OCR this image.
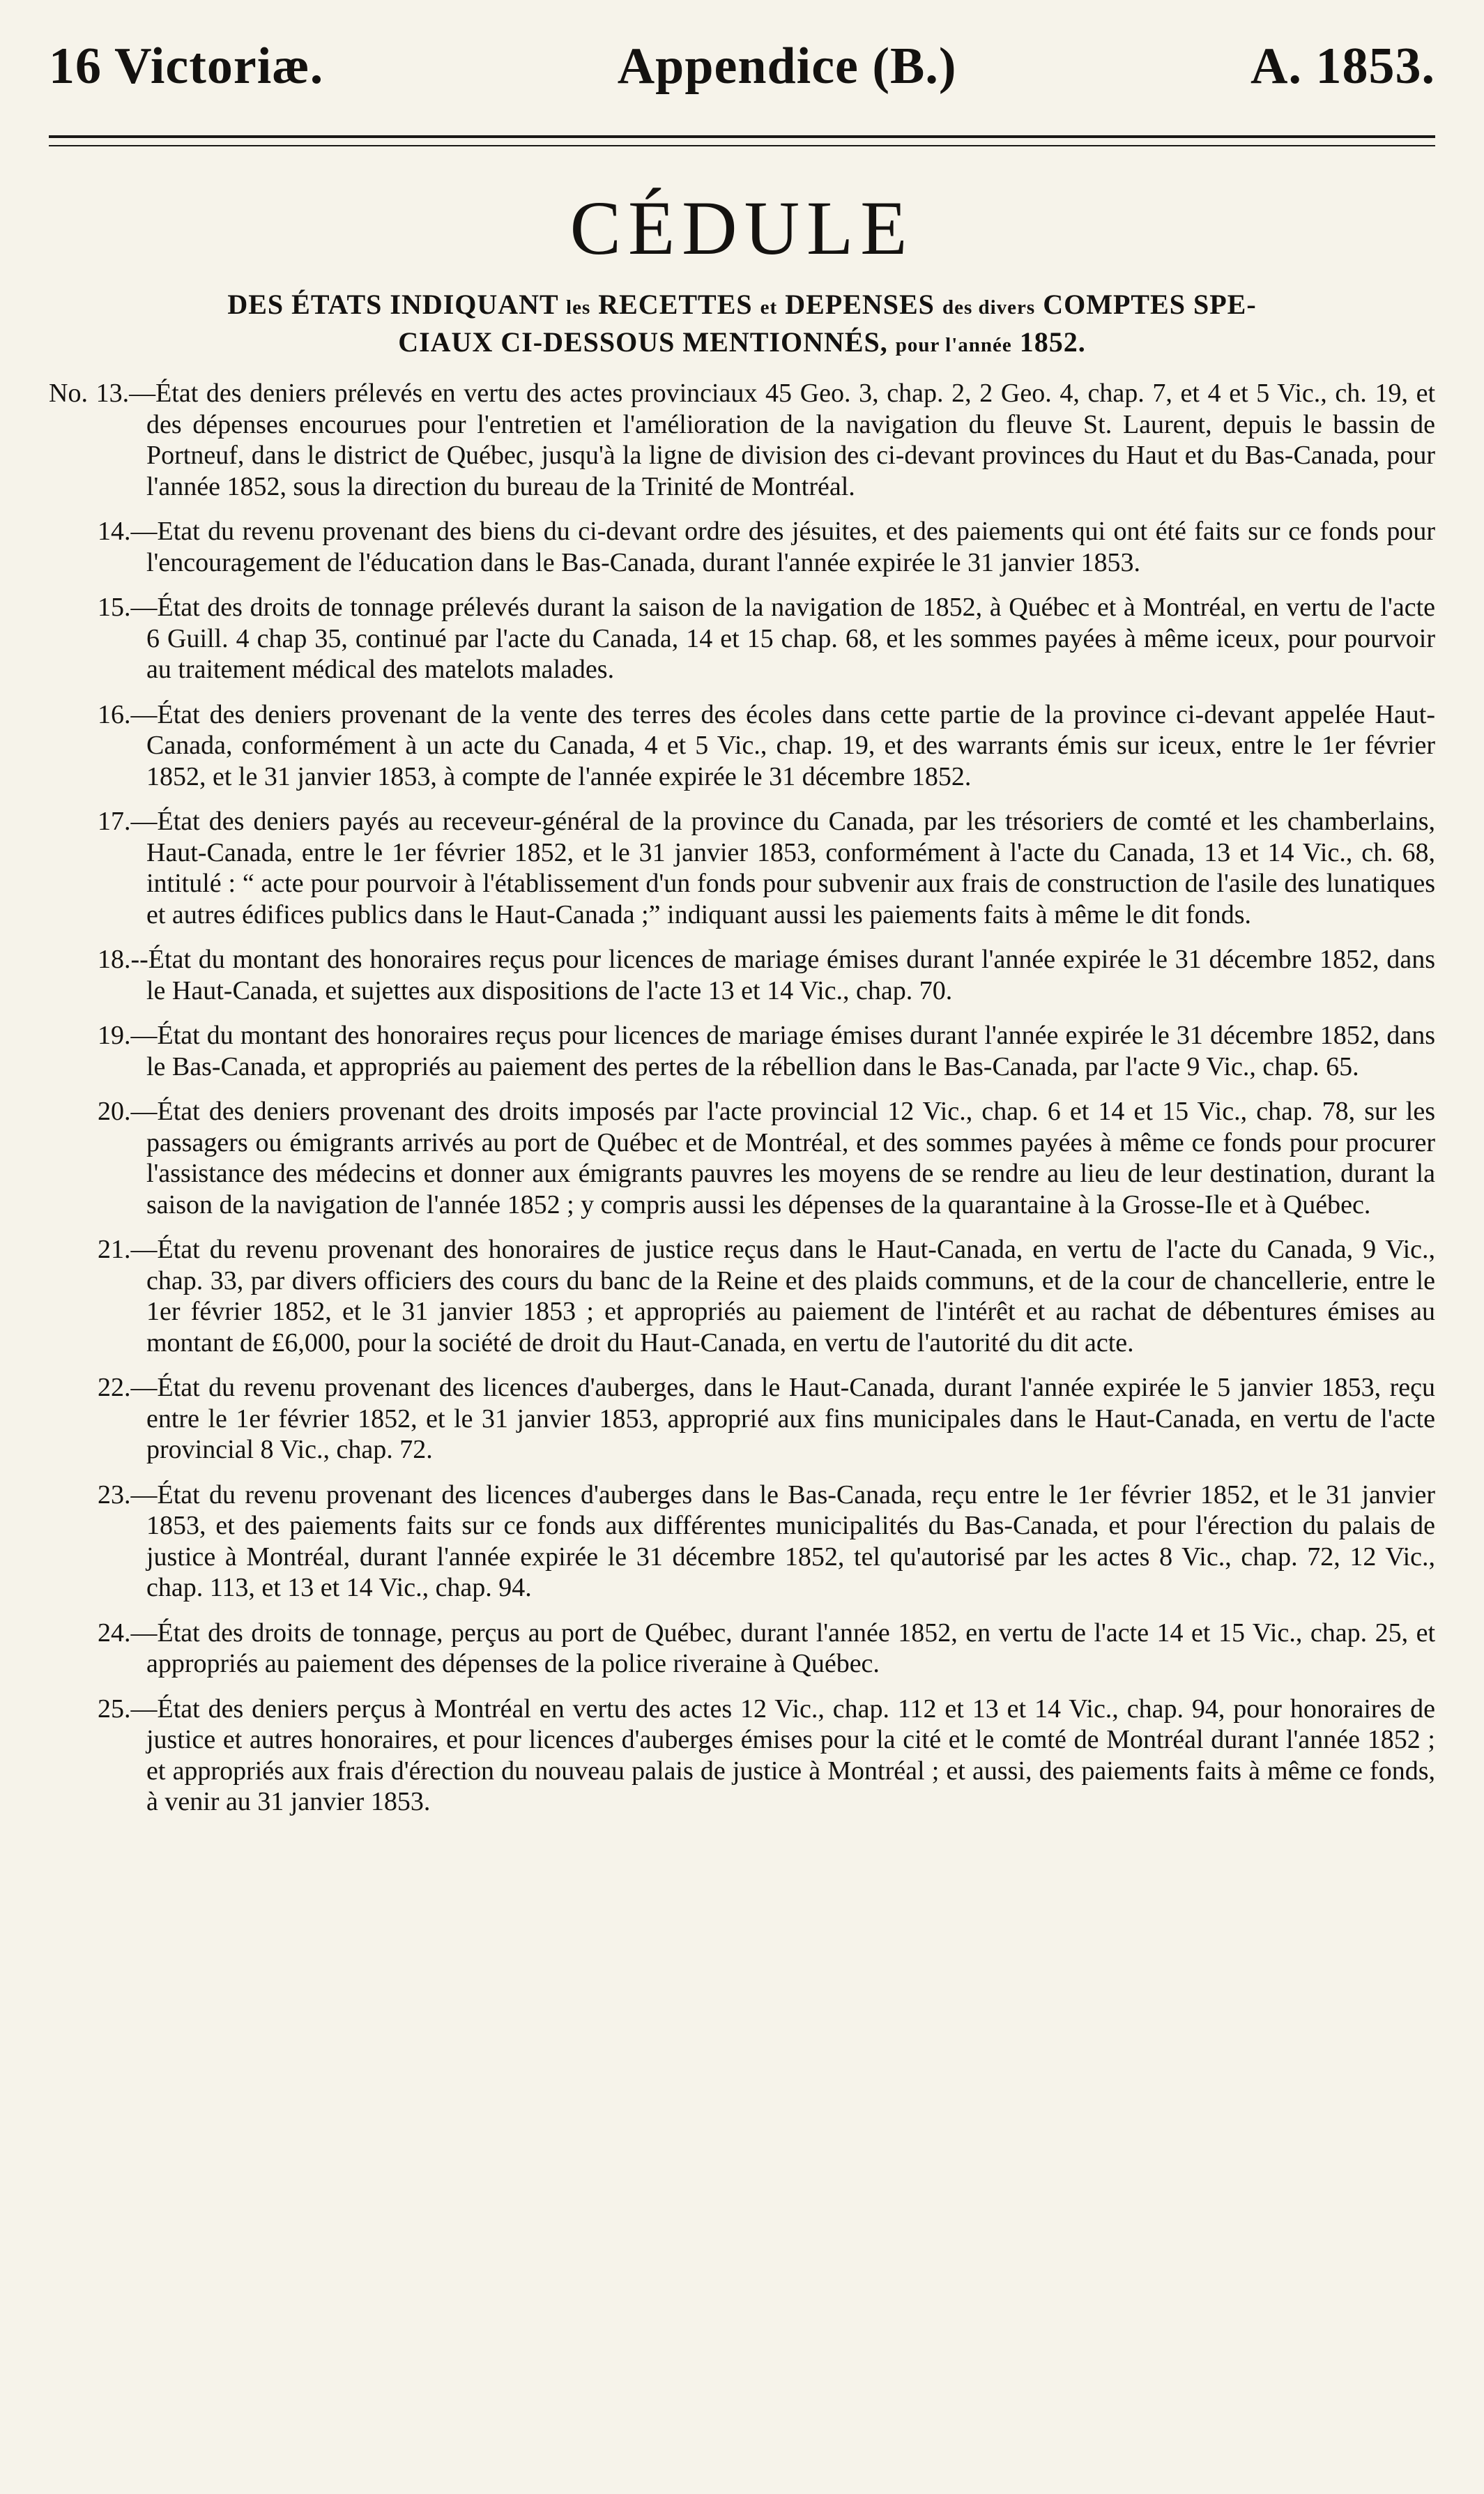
16 Victoriæ.	Appendice (B.)	A. 1853.
CÉDULE
DES ÉTATS INDIQUANT les RECETTES et DEPENSES des divers COMPTES SPE-
CIAUX CI-DESSOUS MENTIONNÉS, pour l'année 1852.

No. 13.—État des deniers prélevés en vertu des actes provinciaux 45 Geo. 3, chap. 2, 2 Geo. 4, chap. 7, et 4 et 5 Vic., ch. 19, et des dépenses encourues pour l'entretien et l'amélioration de la navigation du fleuve St. Laurent, depuis le bassin de Portneuf, dans le district de Québec, jusqu'à la ligne de division des ci-devant provinces du Haut et du Bas-Canada, pour l'année 1852, sous la direction du bureau de la Trinité de Montréal.

14.—Etat du revenu provenant des biens du ci-devant ordre des jésuites, et des paiements qui ont été faits sur ce fonds pour l'encouragement de l'éducation dans le Bas-Canada, durant l'année expirée le 31 janvier 1853.

15.—État des droits de tonnage prélevés durant la saison de la navigation de 1852, à Québec et à Montréal, en vertu de l'acte 6 Guill. 4 chap 35, continué par l'acte du Canada, 14 et 15 chap. 68, et les sommes payées à même iceux, pour pourvoir au traitement médical des matelots malades.

16.—État des deniers provenant de la vente des terres des écoles dans cette partie de la province ci-devant appelée Haut-Canada, conformément à un acte du Canada, 4 et 5 Vic., chap. 19, et des warrants émis sur iceux, entre le 1er février 1852, et le 31 janvier 1853, à compte de l'année expirée le 31 décembre 1852.

17.—État des deniers payés au receveur-général de la province du Canada, par les trésoriers de comté et les chamberlains, Haut-Canada, entre le 1er février 1852, et le 31 janvier 1853, conformément à l'acte du Canada, 13 et 14 Vic., ch. 68, intitulé : “ acte pour pourvoir à l'établissement d'un fonds pour subvenir aux frais de construction de l'asile des lunatiques et autres édifices publics dans le Haut-Canada ;” indiquant aussi les paiements faits à même le dit fonds.

18.--État du montant des honoraires reçus pour licences de mariage émises durant l'année expirée le 31 décembre 1852, dans le Haut-Canada, et sujettes aux dispositions de l'acte 13 et 14 Vic., chap. 70.

19.—État du montant des honoraires reçus pour licences de mariage émises durant l'année expirée le 31 décembre 1852, dans le Bas-Canada, et appropriés au paiement des pertes de la rébellion dans le Bas-Canada, par l'acte 9 Vic., chap. 65.

20.—État des deniers provenant des droits imposés par l'acte provincial 12 Vic., chap. 6 et 14 et 15 Vic., chap. 78, sur les passagers ou émigrants arrivés au port de Québec et de Montréal, et des sommes payées à même ce fonds pour procurer l'assistance des médecins et donner aux émigrants pauvres les moyens de se rendre au lieu de leur destination, durant la saison de la navigation de l'année 1852 ; y compris aussi les dépenses de la quarantaine à la Grosse-Ile et à Québec.

21.—État du revenu provenant des honoraires de justice reçus dans le Haut-Canada, en vertu de l'acte du Canada, 9 Vic., chap. 33, par divers officiers des cours du banc de la Reine et des plaids communs, et de la cour de chancellerie, entre le 1er février 1852, et le 31 janvier 1853 ; et appropriés au paiement de l'intérêt et au rachat de débentures émises au montant de £6,000, pour la société de droit du Haut-Canada, en vertu de l'autorité du dit acte.

22.—État du revenu provenant des licences d'auberges, dans le Haut-Canada, durant l'année expirée le 5 janvier 1853, reçu entre le 1er février 1852, et le 31 janvier 1853, approprié aux fins municipales dans le Haut-Canada, en vertu de l'acte provincial 8 Vic., chap. 72.

23.—État du revenu provenant des licences d'auberges dans le Bas-Canada, reçu entre le 1er février 1852, et le 31 janvier 1853, et des paiements faits sur ce fonds aux différentes municipalités du Bas-Canada, et pour l'érection du palais de justice à Montréal, durant l'année expirée le 31 décembre 1852, tel qu'autorisé par les actes 8 Vic., chap. 72, 12 Vic., chap. 113, et 13 et 14 Vic., chap. 94.

24.—État des droits de tonnage, perçus au port de Québec, durant l'année 1852, en vertu de l'acte 14 et 15 Vic., chap. 25, et appropriés au paiement des dépenses de la police riveraine à Québec.

25.—État des deniers perçus à Montréal en vertu des actes 12 Vic., chap. 112 et 13 et 14 Vic., chap. 94, pour honoraires de justice et autres honoraires, et pour licences d'auberges émises pour la cité et le comté de Montréal durant l'année 1852 ; et appropriés aux frais d'érection du nouveau palais de justice à Montréal ; et aussi, des paiements faits à même ce fonds, à venir au 31 janvier 1853.
